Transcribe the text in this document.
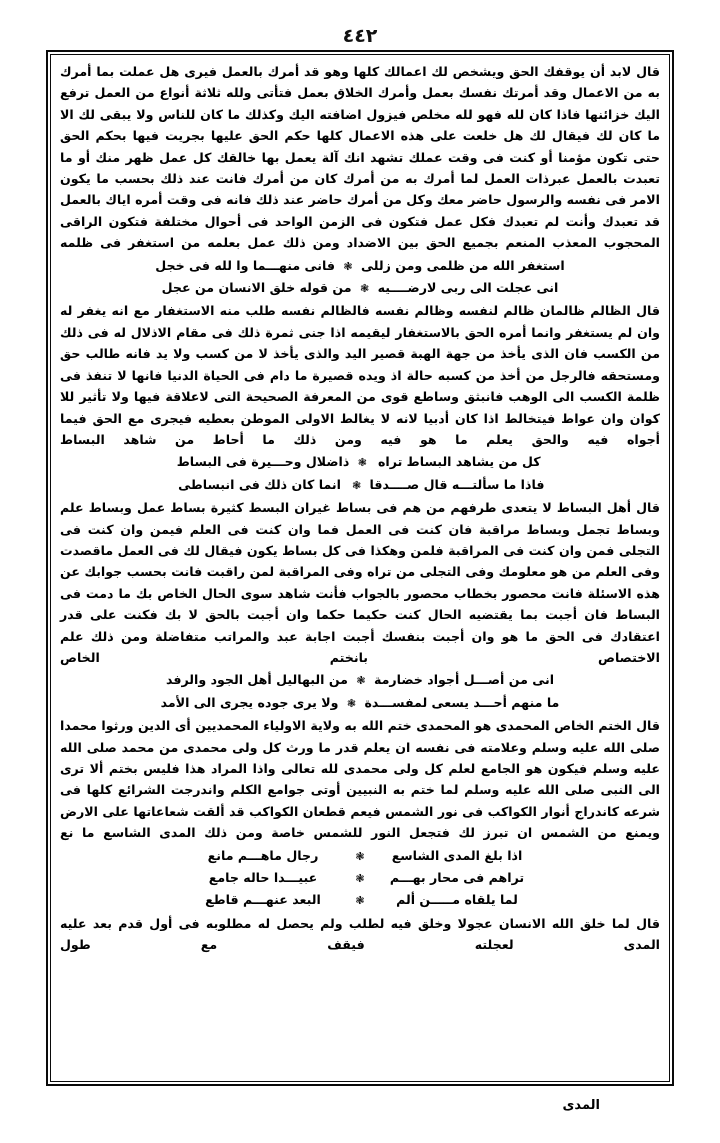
٤٤٢

قال لابد أن يوقفك الحق ويشخص لك اعمالك كلها وهو قد أمرك بالعمل فيرى هل عملت بما أمرك به من الاعمال وقد أمرتك نفسك بعمل وأمرك الخلاق بعمل فتأتى ولله ثلاثة أنواع من العمل ترفع اليك خزائنها فاذا كان لله فهو لله مخلص فيزول اضافته اليك وكذلك ما كان للناس ولا يبقى لك الا ما كان لك فيقال لك هل خلعت على هذه الاعمال كلها حكم الحق عليها بجريت فيها بحكم الحق حتى تكون مؤمنا أو كنت فى وقت عملك تشهد انك آلة يعمل بها خالقك كل عمل ظهر منك أو ما تعبدت بالعمل عبرذات العمل لما أمرك به من أمرك كان من أمرك فانت عند ذلك بحسب ما يكون الامر فى نفسه والرسول حاضر معك وكل من أمرك حاضر عند ذلك فانه فى وقت أمره اياك بالعمل قد تعبدك وأنت لم تعبدك فكل عمل فتكون فى الزمن الواحد فى أحوال مختلفة فتكون الراقى المحجوب المعذب المنعم بجميع الحق بين الاضداد ومن ذلك عمل بعلمه من استغفر فى ظلمه

استغفر الله من ظلمى ومن زللى
❃
فانى منهـــما وا لله فى خجل
انى عجلت الى ربى لارضــــيه
❃
من قوله خلق الانسان من عجل

قال الظالم ظالمان ظالم لنفسه وظالم نفسه فالظالم نفسه طلب منه الاستغفار مع انه يغفر له وان لم يستغفر وانما أمره الحق بالاستغفار ليقيمه اذا جنى ثمرة ذلك فى مقام الاذلال له فى ذلك من الكسب فان الذى يأخذ من جهة الهبة قصير اليد والذى يأخذ لا من كسب ولا يد فانه طالب حق ومستحقه فالرجل من أخذ من كسبه حالة اذ ويده قصيرة ما دام فى الحياة الدنيا فانها لا تنفذ فى ظلمة الكسب الى الوهب فانبثق وساطع قوى من المعرفة الصحيحة التى لاعلاقة فيها ولا تأثير للا كوان وان عواط فيتخالط اذا كان أدبيا لانه لا يغالط الاولى الموطن بعطيه فيجرى مع الحق فيما أجواه فيه والحق يعلم ما هو فيه ومن ذلك ما أحاط من شاهد البساط

كل من يشاهد البساط تراه
❃
ذاضلال وحـــيرة فى البساط
فاذا ما سألتـــه قال صــــدقا
❃
انما كان ذلك فى انبساطى

قال أهل البساط لا يتعدى طرفهم من هم فى بساط غيران البسط كثيرة بساط عمل وبساط علم وبساط تجمل وبساط مراقبة فان كنت فى العمل فما وان كنت فى العلم فيمن وان كنت فى التجلى فمن وان كنت فى المراقبة فلمن وهكذا فى كل بساط يكون فيقال لك فى العمل ماقصدت وفى العلم من هو معلومك وفى التجلى من تراه وفى المراقبة لمن راقبت فانت بحسب جوابك عن هذه الاسئلة فانت محصور بخطاب محصور بالجواب فأنت شاهد سوى الحال الخاص بك ما دمت فى البساط فان أجبت بما يقتضيه الحال كنت حكيما حكما وان أجبت بالحق لا بك فكنت على قدر اعتقادك فى الحق ما هو وان أجبت بنفسك أجبت اجابة عبد والمراتب متفاضلة ومن ذلك علم الاختصاص بانختم الخاص

انى من أصـــل أجواد خضارمة
❃
من البهاليل أهل الجود والرفد
ما منهم أحـــد يسعى لمفســـدة
❃
ولا يرى جوده يجرى الى الأمد

قال الختم الخاص المحمدى هو المحمدى ختم الله به ولاية الاولياء المحمديين أى الدين ورثوا محمدا صلى الله عليه وسلم وعلامته فى نفسه ان يعلم قدر ما ورث كل ولى محمدى من محمد صلى الله عليه وسلم فيكون هو الجامع لعلم كل ولى محمدى لله تعالى واذا المراد هذا فليس بختم ألا ترى الى النبى صلى الله عليه وسلم لما ختم به النبيين أوتى جوامع الكلم واندرجت الشرائع كلها فى شرعه كاندراج أنوار الكواكب فى نور الشمس فيعم قطعان الكواكب قد ألقت شعاعاتها على الارض ويمنع من الشمس ان تبرز لك فتجعل النور للشمس خاصة ومن ذلك المدى الشاسع ما نع

اذا بلغ المدى الشاسع
❃
رجال ماهـــم مانع
تراهم فى محار بهـــم
❃
عبيـــدا حاله جامع
لما يلقاه مـــــن ألم
❃
البعد عنهـــم قاطع

قال لما خلق الله الانسان عجولا وخلق فيه لطلب ولم يحصل له مطلوبه فى أول قدم بعد عليه المدى لعجلته فيقف مع طول

المدى
